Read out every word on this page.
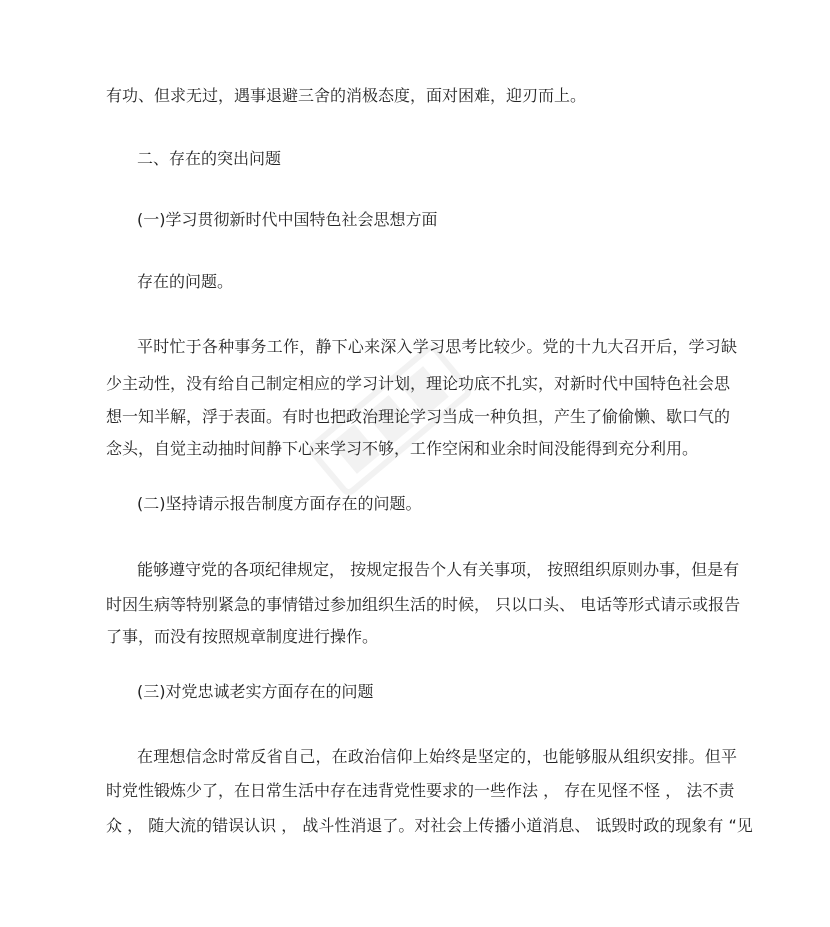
有功、但求无过，遇事退避三舍的消极态度，面对困难，迎刃而上。
二、存在的突出问题
(一)学习贯彻新时代中国特色社会思想方面
存在的问题。
平时忙于各种事务工作，静下心来深入学习思考比较少。党的十九大召开后，学习缺
少主动性，没有给自己制定相应的学习计划，理论功底不扎实，对新时代中国特色社会思
想一知半解，浮于表面。有时也把政治理论学习当成一种负担，产生了偷偷懒、歇口气的
念头，自觉主动抽时间静下心来学习不够，工作空闲和业余时间没能得到充分利用。
(二)坚持请示报告制度方面存在的问题。
能够遵守党的各项纪律规定， 按规定报告个人有关事项， 按照组织原则办事，但是有
时因生病等特别紧急的事情错过参加组织生活的时候， 只以口头、 电话等形式请示或报告
了事，而没有按照规章制度进行操作。
(三)对党忠诚老实方面存在的问题
在理想信念时常反省自己，在政治信仰上始终是坚定的，也能够服从组织安排。但平
时党性锻炼少了，在日常生活中存在违背党性要求的一些作法 ， 存在见怪不怪 ， 法不责
众 ， 随大流的错误认识 ， 战斗性消退了。对社会上传播小道消息、 诋毁时政的现象有 “见
